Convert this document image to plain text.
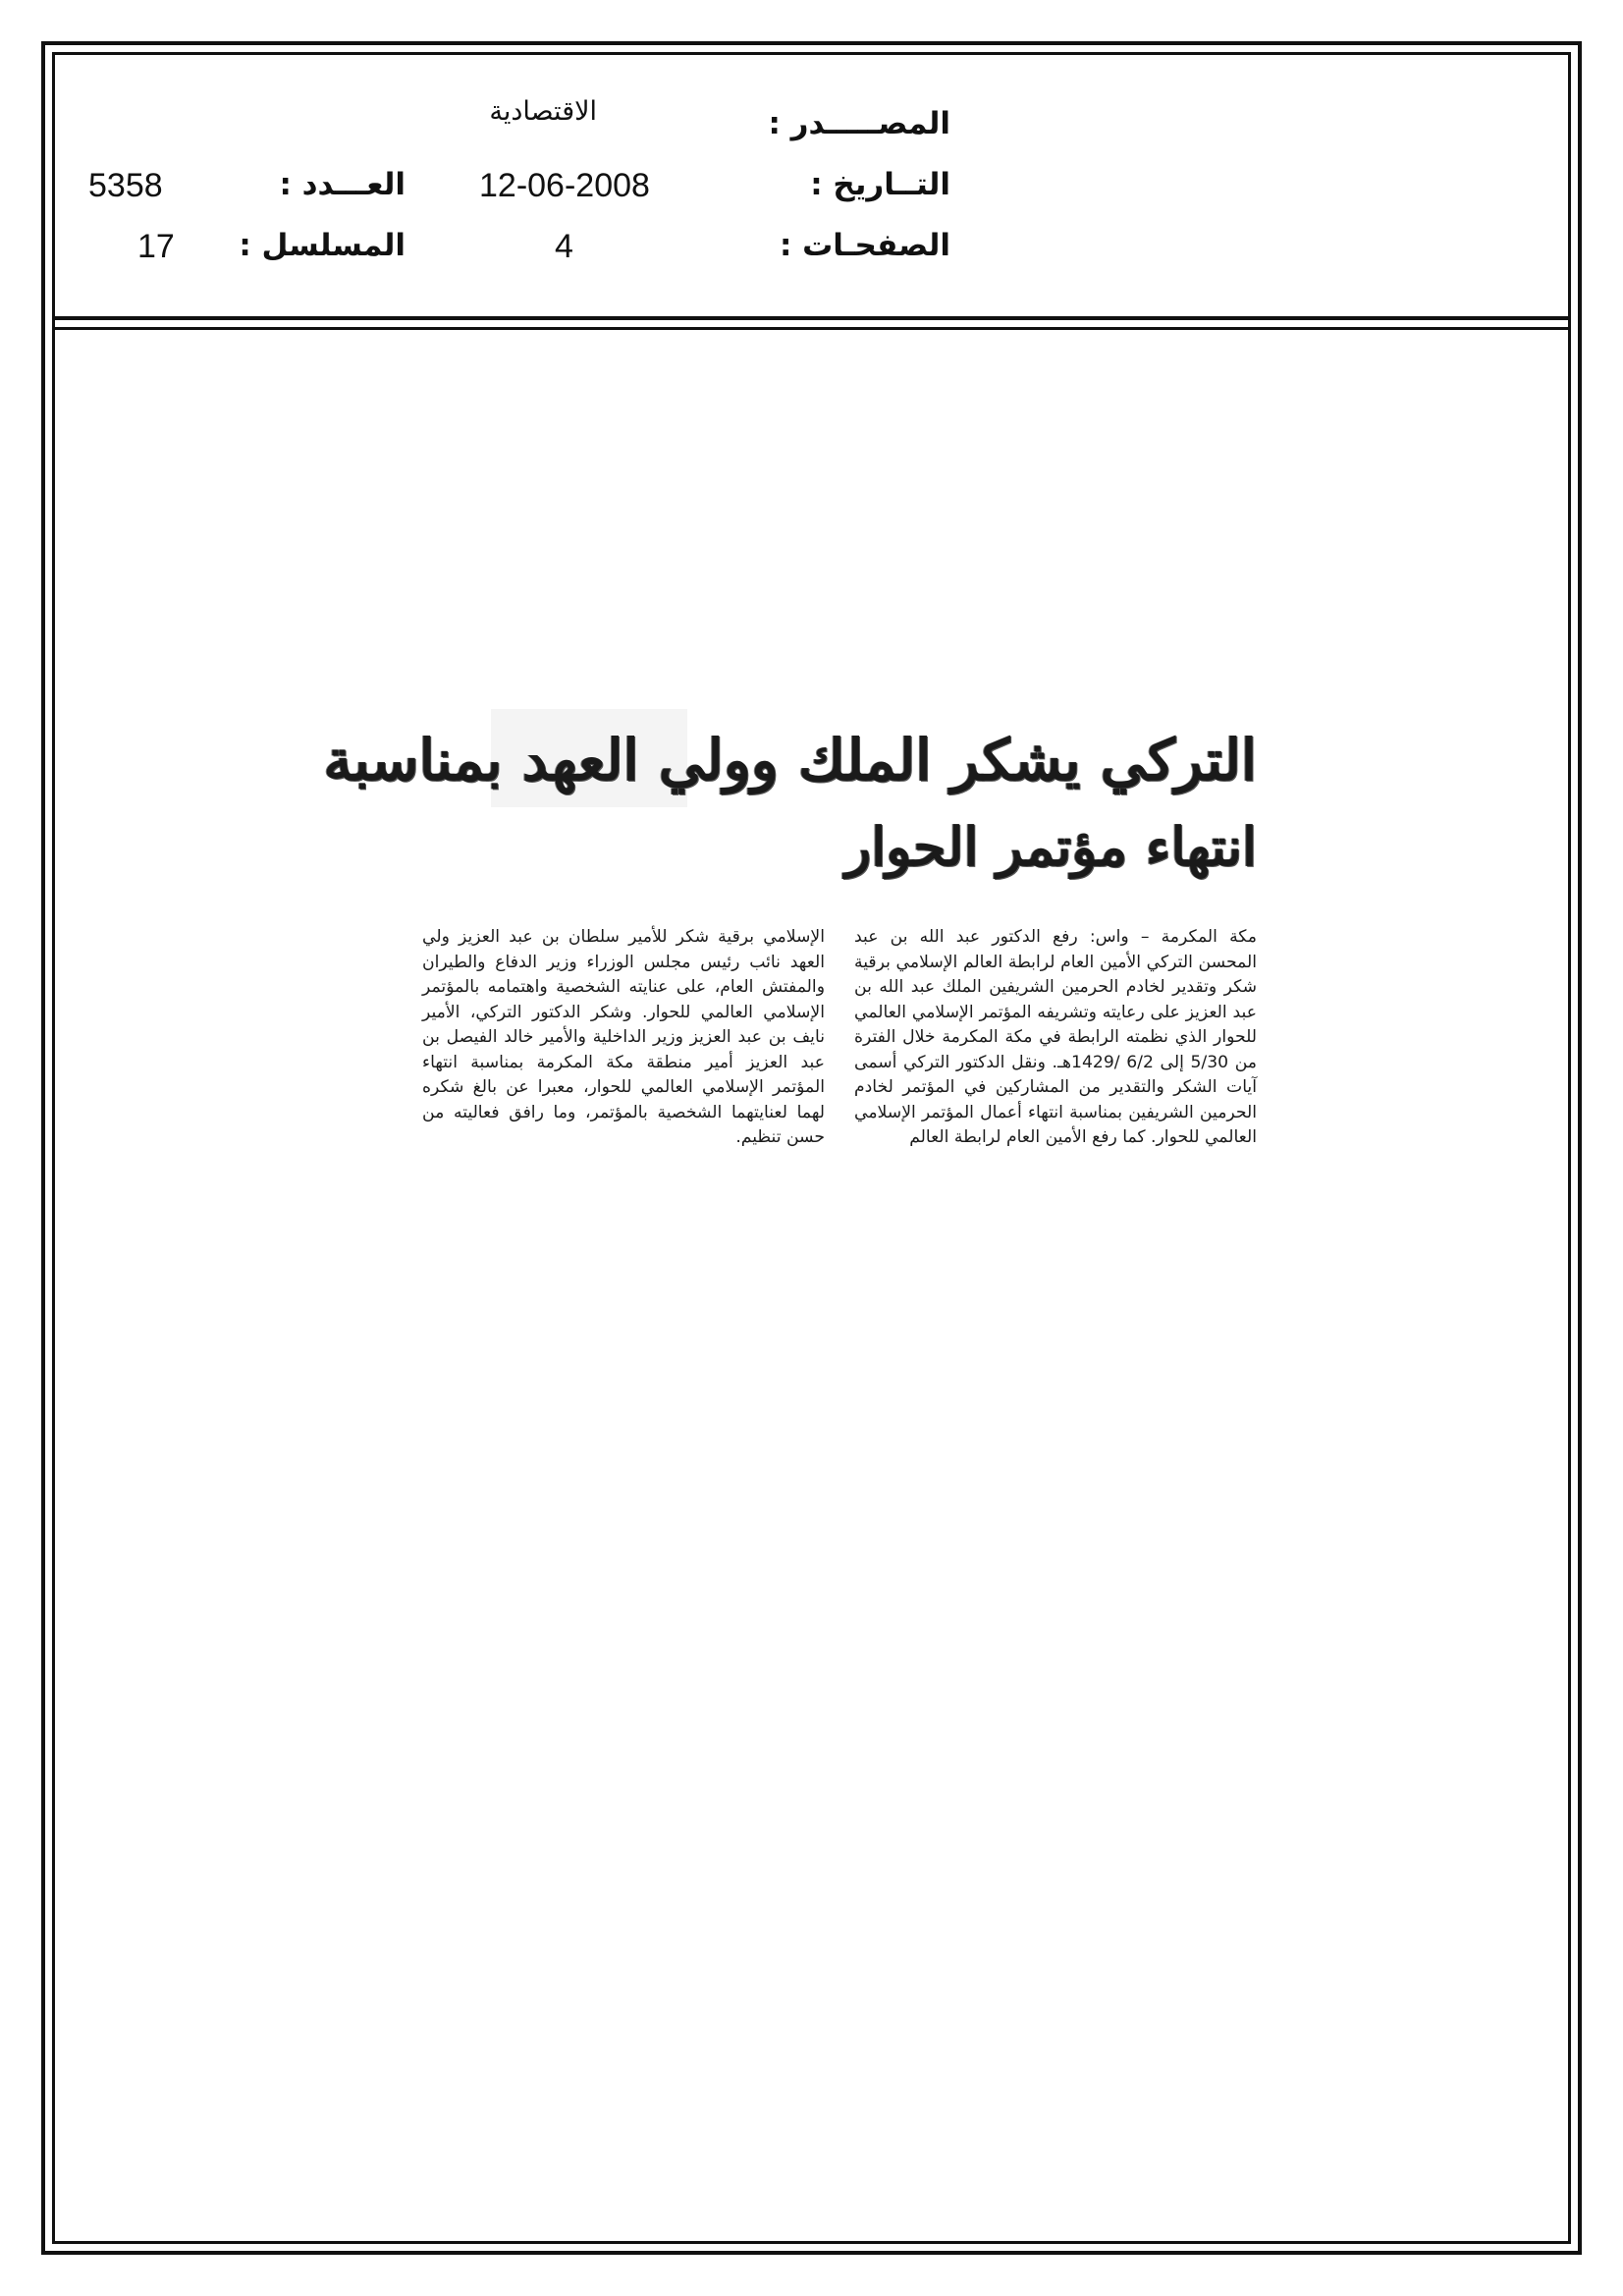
المصـــــدر :
الاقتصادية
التــاريخ :
12-06-2008
العـــدد :
5358
الصفحـات :
4
المسلسل :
17
التركي يشكر الملك وولي العهد بمناسبة
انتهاء مؤتمر الحوار
مكة المكرمة – واس: رفع الدكتور عبد الله بن عبد المحسن التركي الأمين العام لرابطة العالم الإسلامي برقية شكر وتقدير لخادم الحرمين الشريفين الملك عبد الله بن عبد العزيز على رعايته وتشريفه المؤتمر الإسلامي العالمي للحوار الذي نظمته الرابطة في مكة المكرمة خلال الفترة من 5/30 إلى 6/2 /1429هـ. ونقل الدكتور التركي أسمى آيات الشكر والتقدير من المشاركين في المؤتمر لخادم الحرمين الشريفين بمناسبة انتهاء أعمال المؤتمر الإسلامي العالمي للحوار. كما رفع الأمين العام لرابطة العالم
الإسلامي برقية شكر للأمير سلطان بن عبد العزيز ولي العهد نائب رئيس مجلس الوزراء وزير الدفاع والطيران والمفتش العام، على عنايته الشخصية واهتمامه بالمؤتمر الإسلامي العالمي للحوار. وشكر الدكتور التركي، الأمير نايف بن عبد العزيز وزير الداخلية والأمير خالد الفيصل بن عبد العزيز أمير منطقة مكة المكرمة بمناسبة انتهاء المؤتمر الإسلامي العالمي للحوار، معبرا عن بالغ شكره لهما لعنايتهما الشخصية بالمؤتمر، وما رافق فعاليته من حسن تنظيم.
